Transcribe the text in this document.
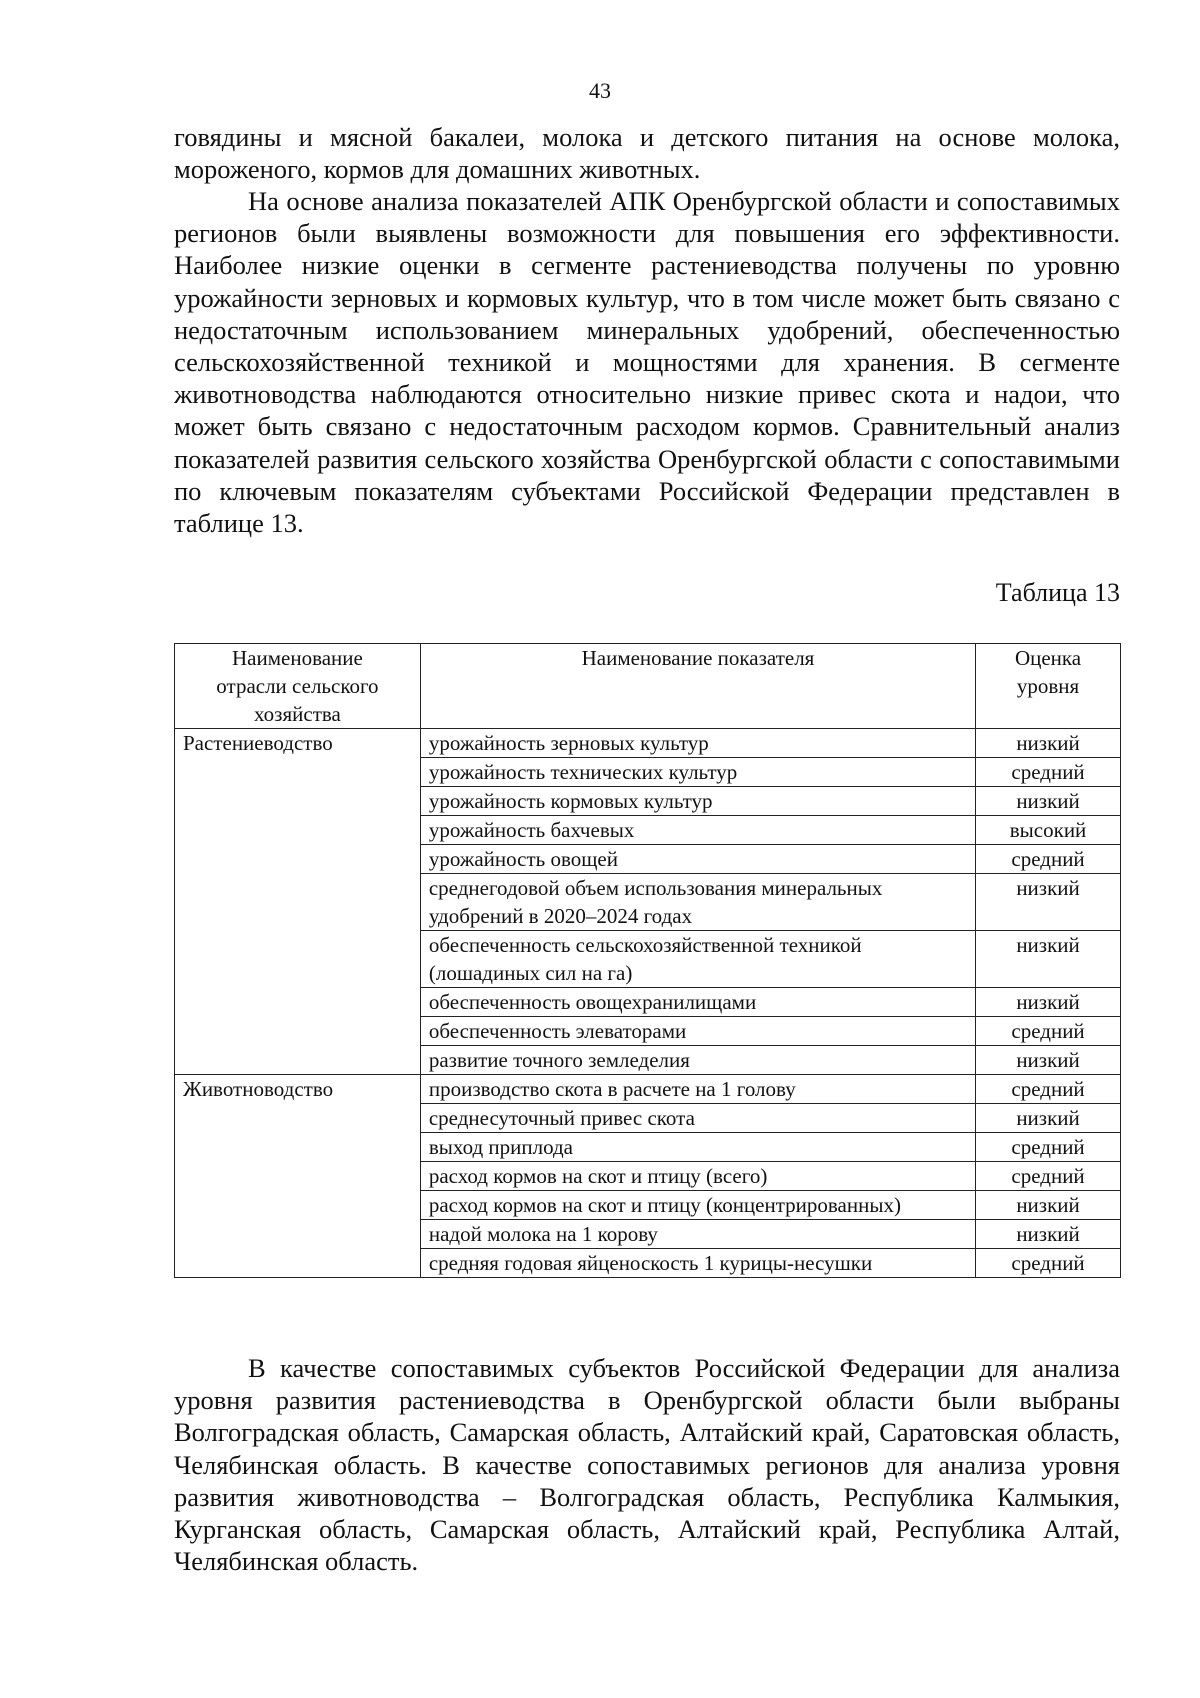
43

говядины и мясной бакалеи, молока и детского питания на основе молока, мороженого, кормов для домашних животных.

На основе анализа показателей АПК Оренбургской области и сопоставимых регионов были выявлены возможности для повышения его эффективности. Наиболее низкие оценки в сегменте растениеводства получены по уровню урожайности зерновых и кормовых культур, что в том числе может быть связано с недостаточным использованием минеральных удобрений, обеспеченностью сельскохозяйственной техникой и мощностями для хранения. В сегменте животноводства наблюдаются относительно низкие привес скота и надои, что может быть связано с недостаточным расходом кормов. Сравнительный анализ показателей развития сельского хозяйства Оренбургской области с сопоставимыми по ключевым показателям субъектами Российской Федерации представлен в таблице 13.

Таблица 13
Наименование отрасли сельского хозяйства	Наименование показателя	Оценка уровня
Растениеводство	урожайность зерновых культур	низкий
	урожайность технических культур	средний
	урожайность кормовых культур	низкий
	урожайность бахчевых	высокий
	урожайность овощей	средний
	среднегодовой объем использования минеральных удобрений в 2020–2024 годах	низкий
	обеспеченность сельскохозяйственной техникой (лошадиных сил на га)	низкий
	обеспеченность овощехранилищами	низкий
	обеспеченность элеваторами	средний
	развитие точного земледелия	низкий
Животноводство	производство скота в расчете на 1 голову	средний
	среднесуточный привес скота	низкий
	выход приплода	средний
	расход кормов на скот и птицу (всего)	средний
	расход кормов на скот и птицу (концентрированных)	низкий
	надой молока на 1 корову	низкий
	средняя годовая яйценоскость 1 курицы-несушки	средний

В качестве сопоставимых субъектов Российской Федерации для анализа уровня развития растениеводства в Оренбургской области были выбраны Волгоградская область, Самарская область, Алтайский край, Саратовская область, Челябинская область. В качестве сопоставимых регионов для анализа уровня развития животноводства – Волгоградская область, Республика Калмыкия, Курганская область, Самарская область, Алтайский край, Республика Алтай, Челябинская область.
